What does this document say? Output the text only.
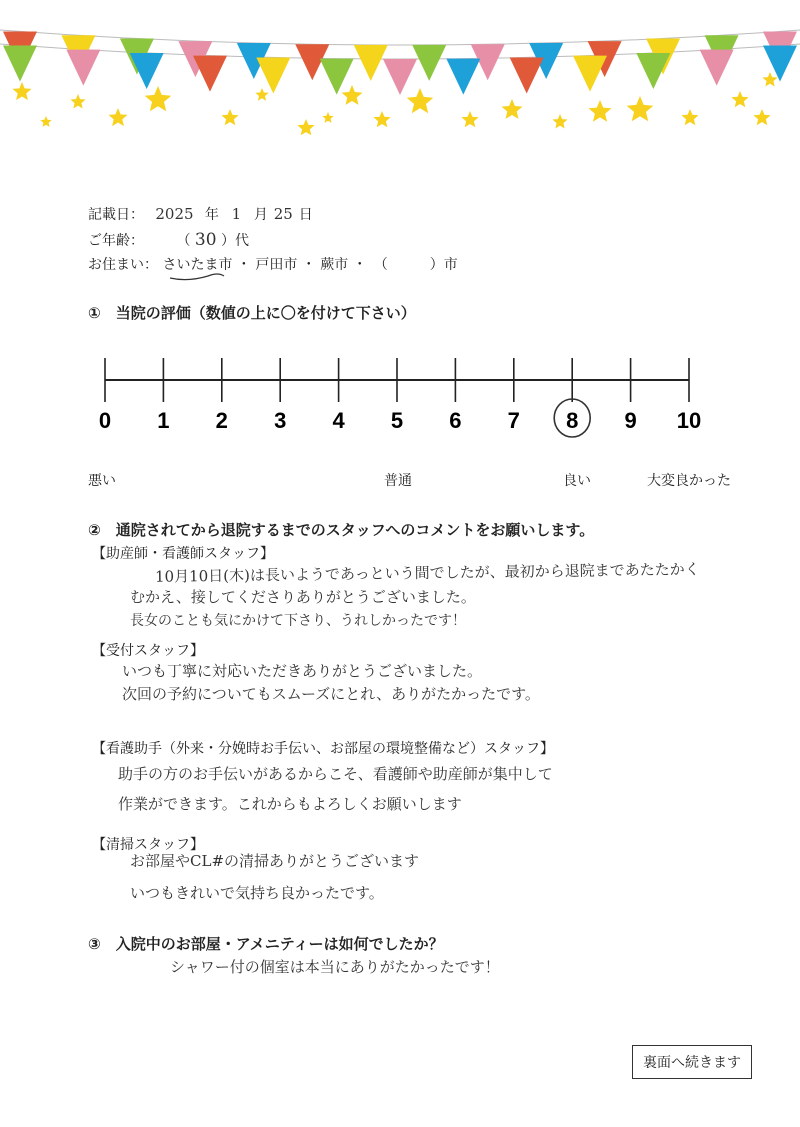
記載日： 2025 年 1 月 25 日
ご年齢： （ 30 ）代
お住まい： さいたま市 ・ 戸田市 ・ 蕨市 ・　（　　　）市
①　当院の評価（数値の上に〇を付けて下さい）
0 1 2 3 4 5 6 7 8 9 10
悪い	普通	良い	大変良かった
②　通院されてから退院するまでのスタッフへのコメントをお願いします。
【助産師・看護師スタッフ】
10月10日(木)は長いようであっという間でしたが、最初から退院まであたたかく
むかえ、接してくださりありがとうございました。
長女のことも気にかけて下さり、うれしかったです！
【受付スタッフ】
いつも丁寧に対応いただきありがとうございました。
次回の予約についてもスムーズにとれ、ありがたかったです。
【看護助手（外来・分娩時お手伝い、お部屋の環境整備など）スタッフ】
助手の方のお手伝いがあるからこそ、看護師や助産師が集中して
作業ができます。これからもよろしくお願いします
【清掃スタッフ】
お部屋やCL#の清掃ありがとうございます
いつもきれいで気持ち良かったです。
③　入院中のお部屋・アメニティーは如何でしたか？
シャワー付の個室は本当にありがたかったです！
裏面へ続きます
